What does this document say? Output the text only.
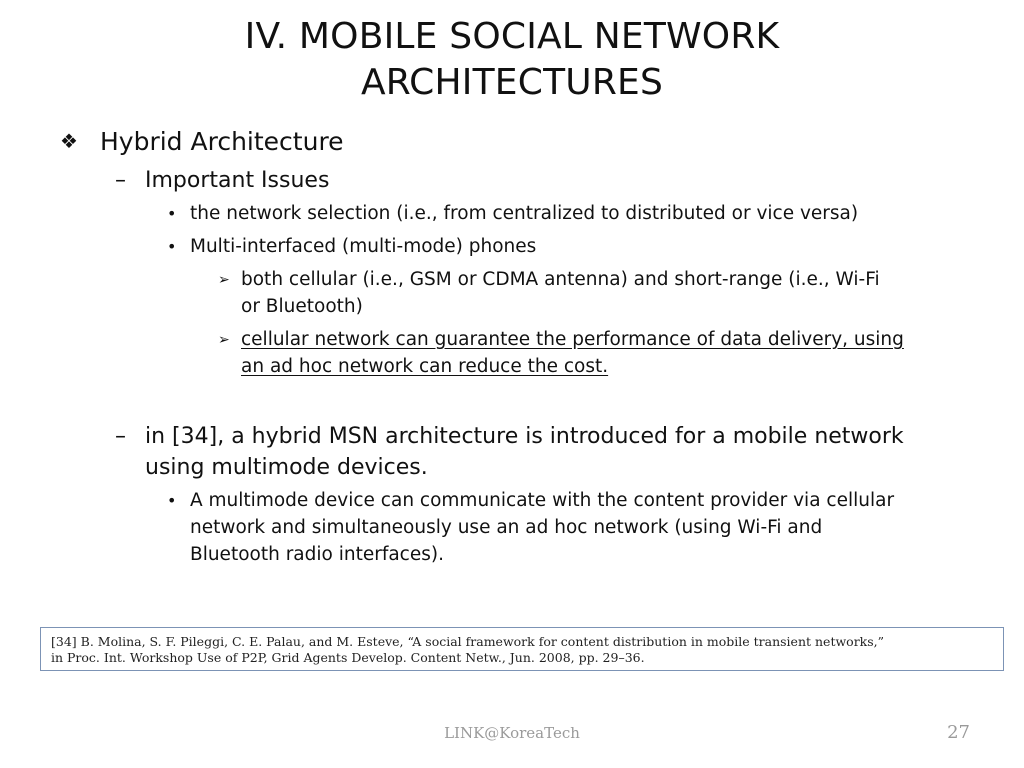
IV. MOBILE SOCIAL NETWORK
ARCHITECTURES
❖ Hybrid Architecture
– Important Issues
• the network selection (i.e., from centralized to distributed or vice versa)
• Multi-interfaced (multi-mode) phones
➢ both cellular (i.e., GSM or CDMA antenna) and short-range (i.e., Wi-Fi
or Bluetooth)
➢ cellular network can guarantee the performance of data delivery, using
an ad hoc network can reduce the cost.
– in [34], a hybrid MSN architecture is introduced for a mobile network
using multimode devices.
• A multimode device can communicate with the content provider via cellular
network and simultaneously use an ad hoc network (using Wi-Fi and
Bluetooth radio interfaces).
[34] B. Molina, S. F. Pileggi, C. E. Palau, and M. Esteve, “A social framework for content distribution in mobile transient networks,”
in Proc. Int. Workshop Use of P2P, Grid Agents Develop. Content Netw., Jun. 2008, pp. 29–36.
LINK@KoreaTech	27
